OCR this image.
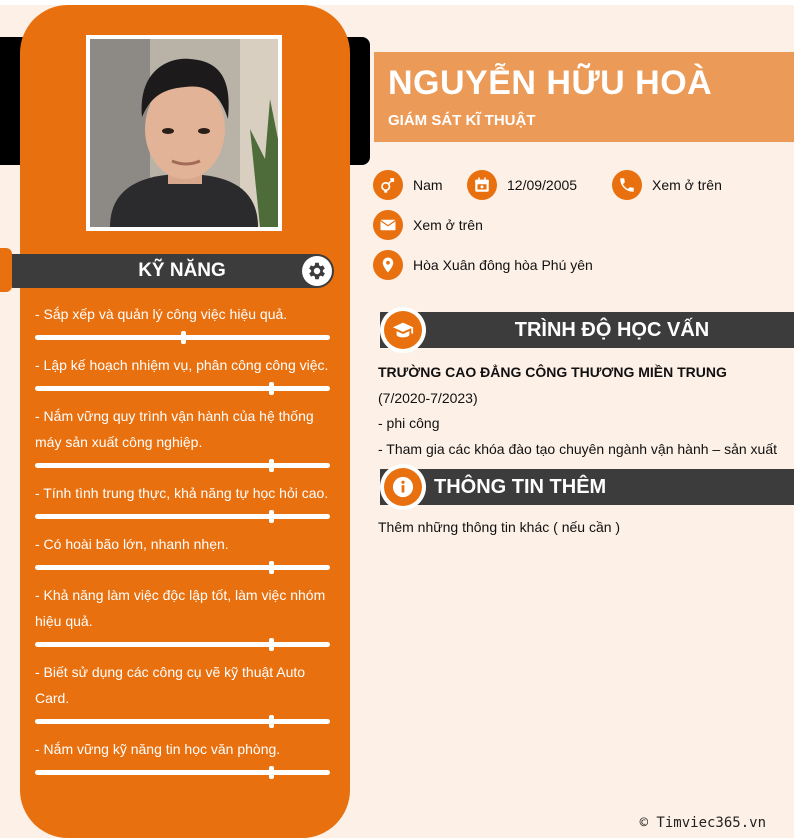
KỸ NĂNG
- Sắp xếp và quản lý công việc hiệu quả.
- Lập kế hoạch nhiệm vụ, phân công công việc.
- Nắm vững quy trình vận hành của hệ thống máy sản xuất công nghiệp.
- Tính tình trung thực, khả năng tự học hỏi cao.
- Có hoài bão lớn, nhanh nhẹn.
- Khả năng làm việc độc lập tốt, làm việc nhóm hiệu quả.
- Biết sử dụng các công cụ vẽ kỹ thuật Auto Card.
- Nắm vững kỹ năng tin học văn phòng.
NGUYỄN HỮU HOÀ
GIÁM SÁT KĨ THUẬT
Nam	12/09/2005	Xem ở trên
Xem ở trên
Hòa Xuân đông hòa Phú yên
TRÌNH ĐỘ HỌC VẤN
TRƯỜNG CAO ĐẲNG CÔNG THƯƠNG MIỀN TRUNG
(7/2020-7/2023)
- phi công
- Tham gia các khóa đào tạo chuyên ngành vận hành – sản xuất
THÔNG TIN THÊM
Thêm những thông tin khác ( nếu cần )
© Timviec365.vn
